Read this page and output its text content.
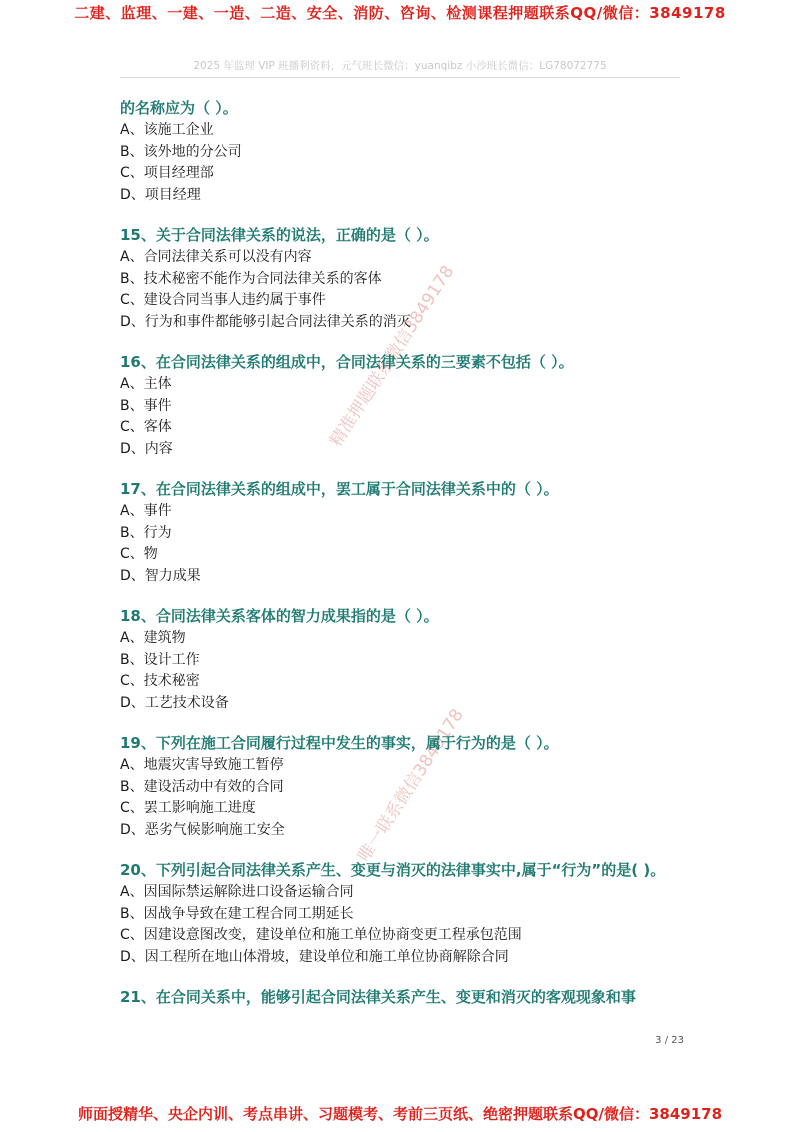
二建、监理、一建、一造、二造、安全、消防、咨询、检测课程押题联系QQ/微信：3849178
2025 年监理 VIP 班播利资料，元气班长微信：yuanqibz 小沙班长微信：LG78072775
精准押题联系微信3849178
唯一联系微信3849178
的名称应为（ ）。
A、该施工企业
B、该外地的分公司
C、项目经理部
D、项目经理
15、关于合同法律关系的说法，正确的是（ ）。
A、合同法律关系可以没有内容
B、技术秘密不能作为合同法律关系的客体
C、建设合同当事人违约属于事件
D、行为和事件都能够引起合同法律关系的消灭
16、在合同法律关系的组成中，合同法律关系的三要素不包括（ ）。
A、主体
B、事件
C、客体
D、内容
17、在合同法律关系的组成中，罢工属于合同法律关系中的（ ）。
A、事件
B、行为
C、物
D、智力成果
18、合同法律关系客体的智力成果指的是（ ）。
A、建筑物
B、设计工作
C、技术秘密
D、工艺技术设备
19、下列在施工合同履行过程中发生的事实，属于行为的是（ ）。
A、地震灾害导致施工暂停
B、建设活动中有效的合同
C、罢工影响施工进度
D、恶劣气候影响施工安全
20、下列引起合同法律关系产生、变更与消灭的法律事实中,属于“行为”的是( )。
A、因国际禁运解除进口设备运输合同
B、因战争导致在建工程合同工期延长
C、因建设意图改变，建设单位和施工单位协商变更工程承包范围
D、因工程所在地山体滑坡，建设单位和施工单位协商解除合同
21、在合同关系中，能够引起合同法律关系产生、变更和消灭的客观现象和事
3 / 23
师面授精华、央企内训、考点串讲、习题模考、考前三页纸、绝密押题联系QQ/微信：3849178
